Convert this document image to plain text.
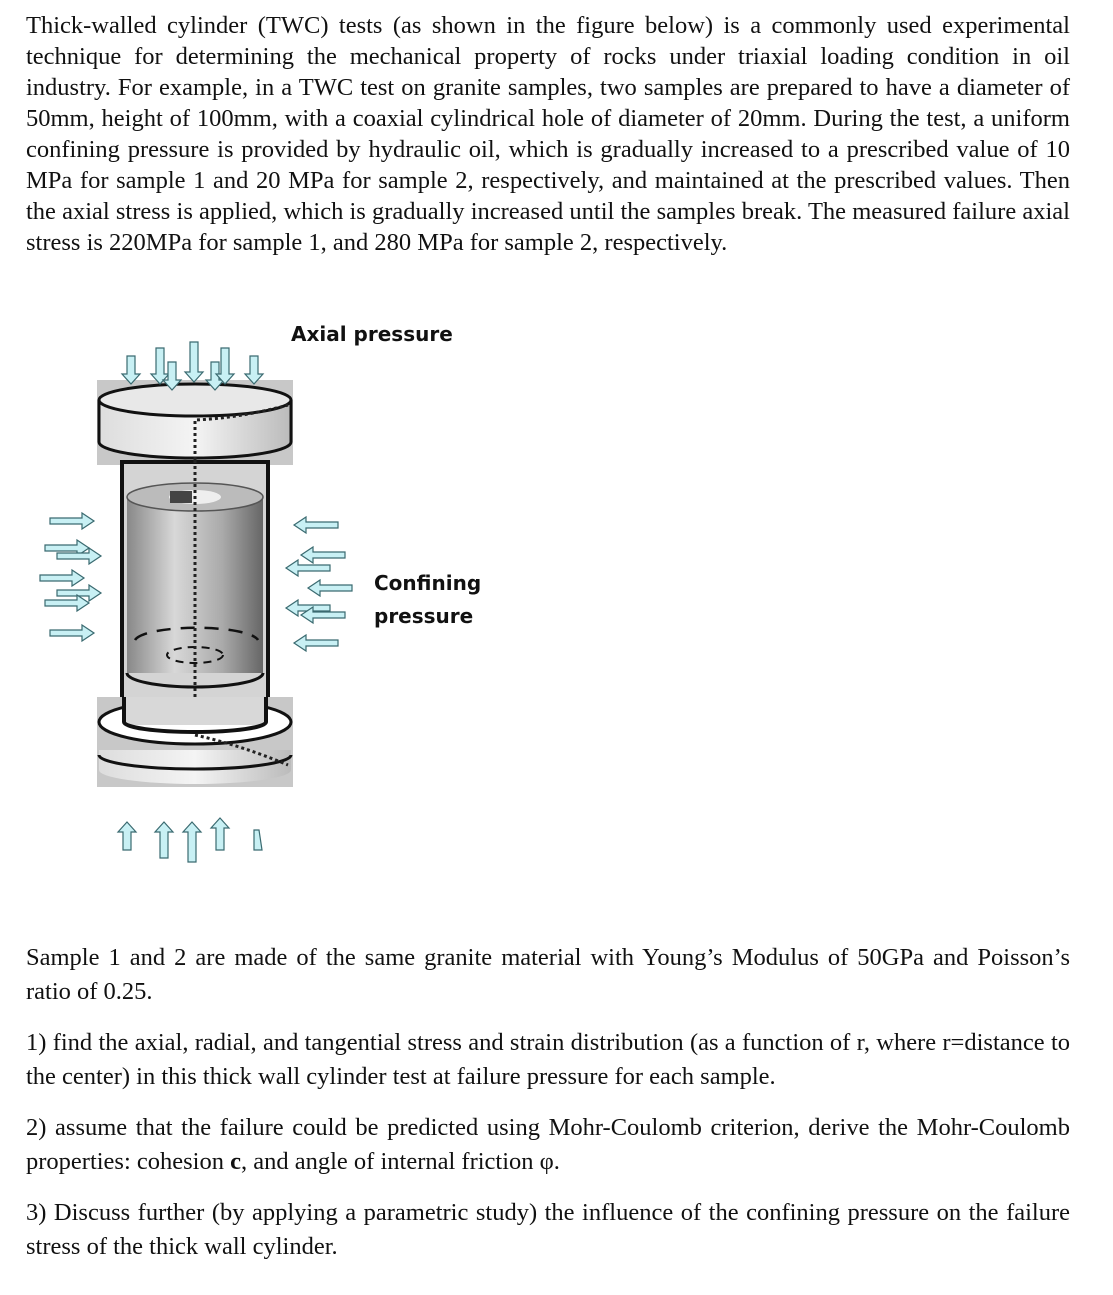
Thick-walled cylinder (TWC) tests (as shown in the figure below) is a commonly used experimental technique for determining the mechanical property of rocks under triaxial loading condition in oil industry. For example, in a TWC test on granite samples, two samples are prepared to have a diameter of 50mm, height of 100mm, with a coaxial cylindrical hole of diameter of 20mm. During the test, a uniform confining pressure is provided by hydraulic oil, which is gradually increased to a prescribed value of 10 MPa for sample 1 and 20 MPa for sample 2, respectively, and maintained at the prescribed values. Then the axial stress is applied, which is gradually increased until the samples break. The measured failure axial stress is 220MPa for sample 1, and 280 MPa for sample 2, respectively.

Axial pressure
Confining
pressure

Sample 1 and 2 are made of the same granite material with Young’s Modulus of 50GPa and Poisson’s ratio of 0.25.

1) find the axial, radial, and tangential stress and strain distribution (as a function of r, where r=distance to the center) in this thick wall cylinder test at failure pressure for each sample.

2) assume that the failure could be predicted using Mohr-Coulomb criterion, derive the Mohr-Coulomb properties: cohesion c, and angle of internal friction φ.

3) Discuss further (by applying a parametric study) the influence of the confining pressure on the failure stress of the thick wall cylinder.
